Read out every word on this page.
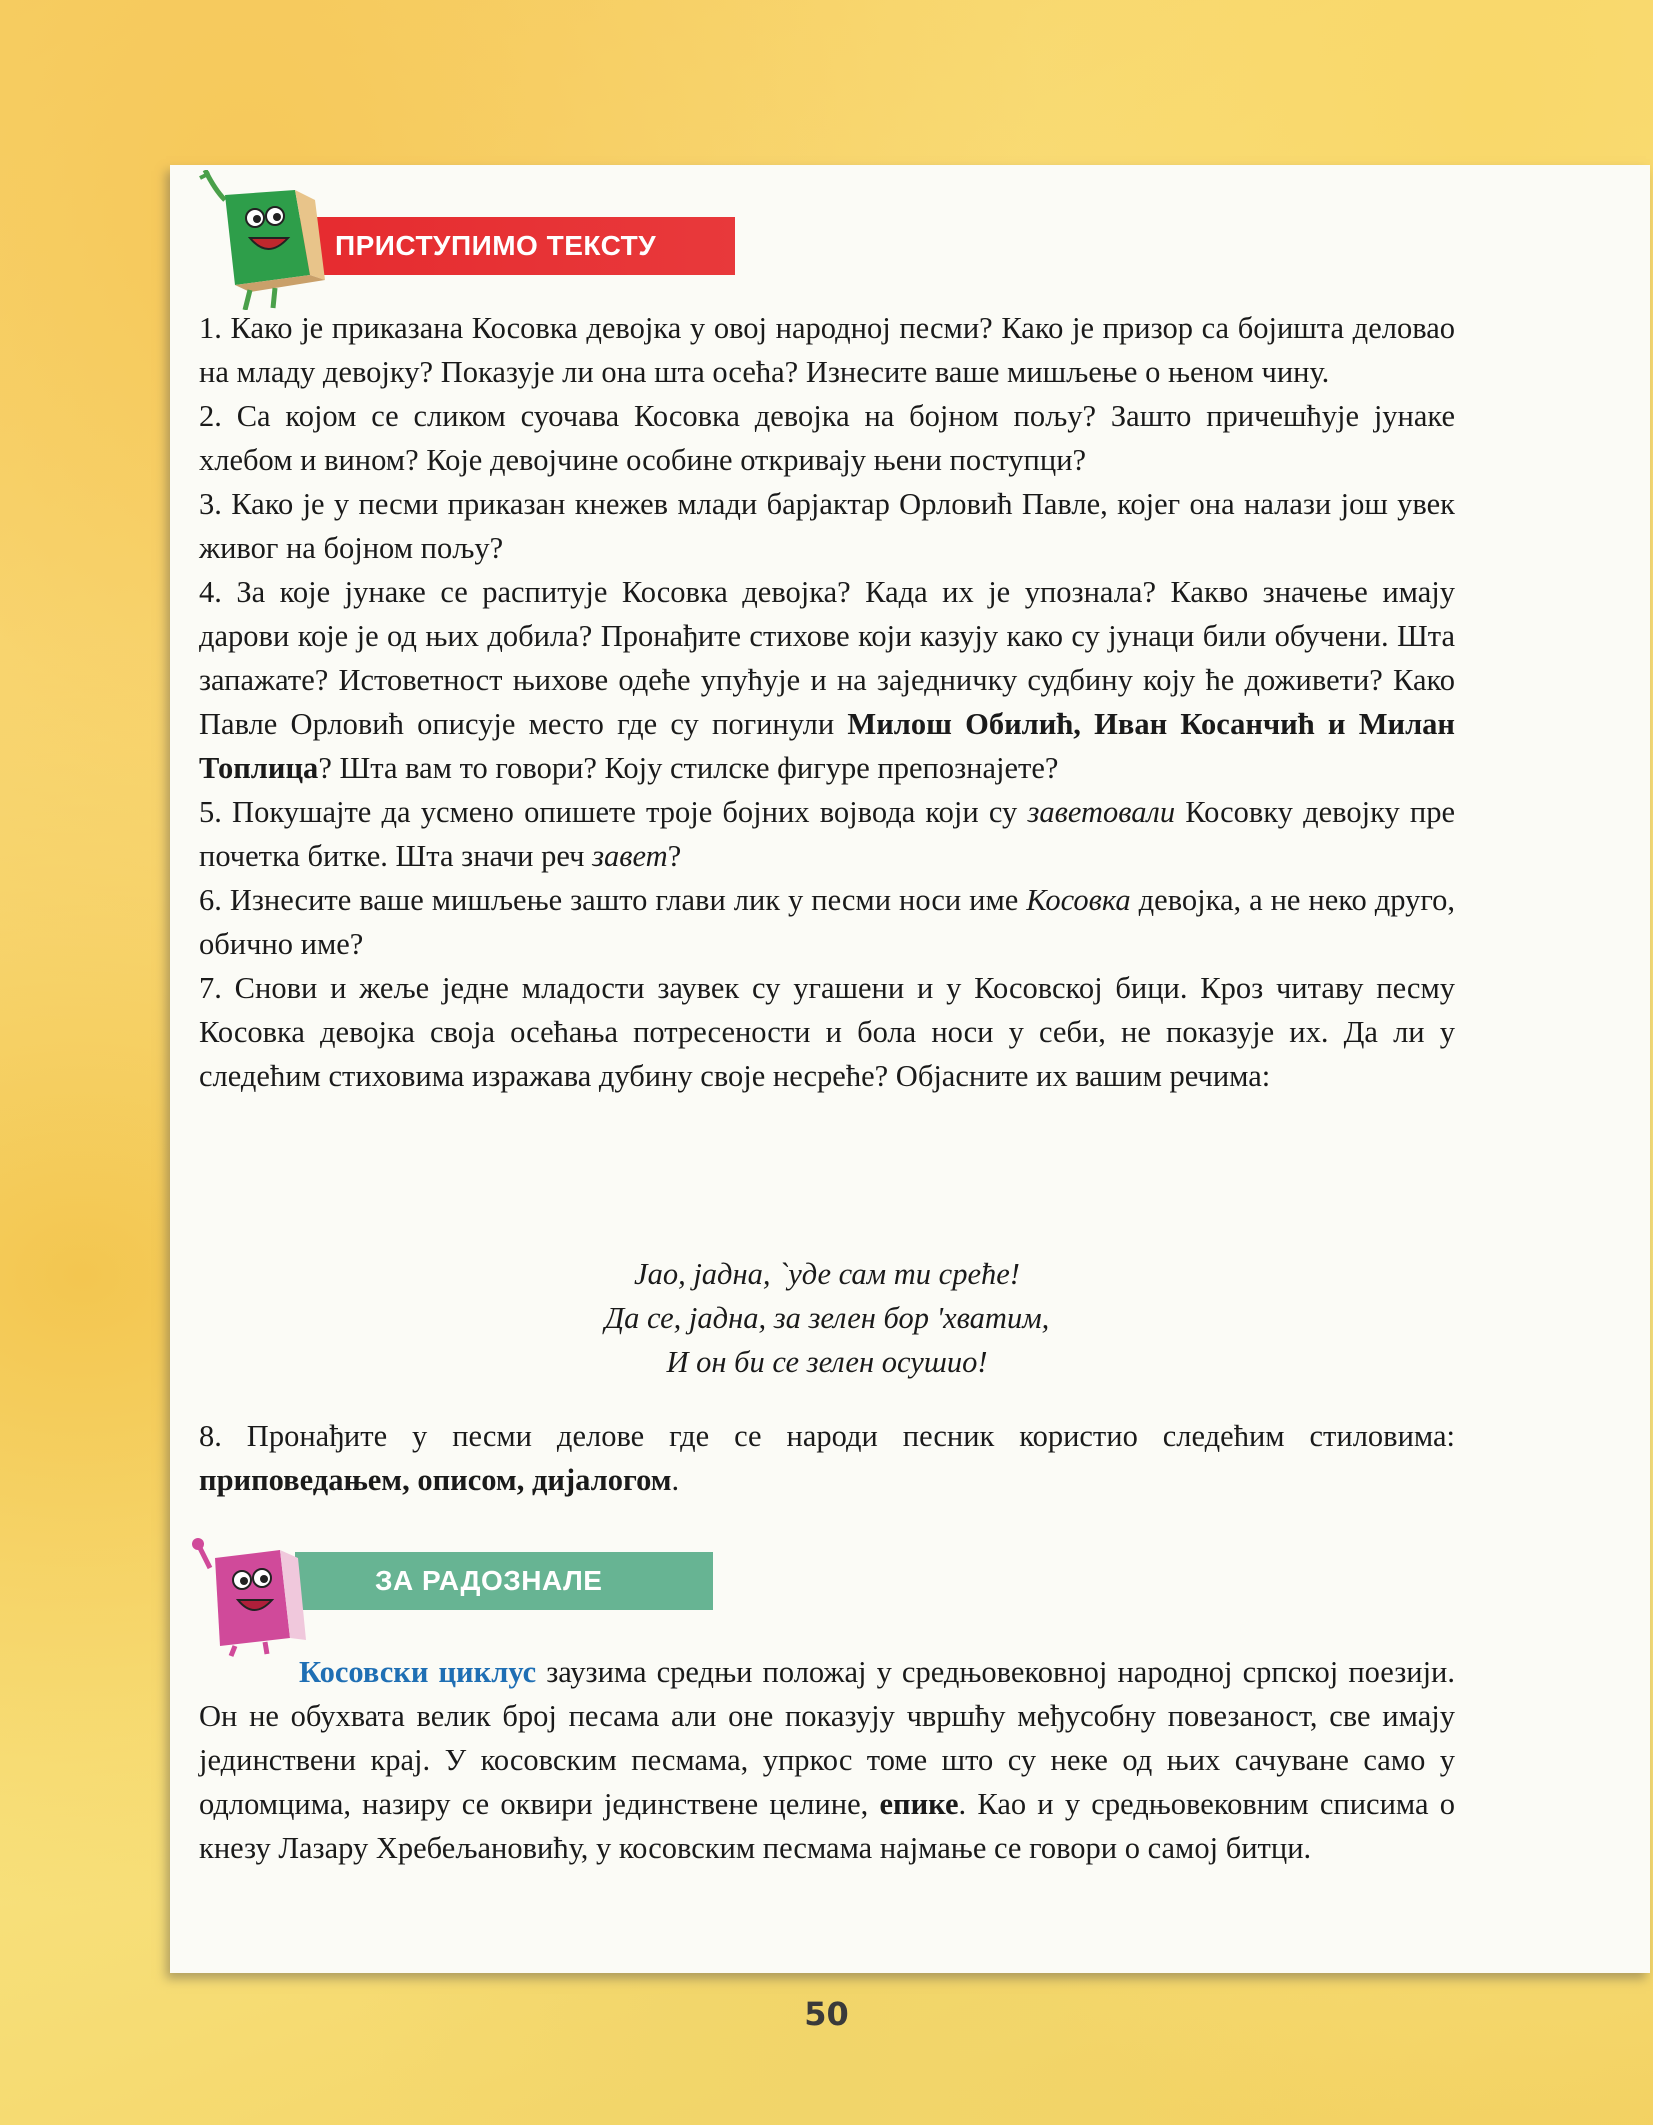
ПРИСТУПИМО ТЕКСТУ

1. Како је приказана Косовка девојка у овој народној песми? Како је призор са бојишта деловао на младу девојку? Показује ли она шта осећа? Изнесите ваше мишљење о њеном чину.

2. Са којом се сликом суочава Косовка девојка на бојном пољу? Зашто причешћује јунаке хлебом и вином? Које девојчине особине откривају њени поступци?

3. Како је у песми приказан кнежев млади барјактар Орловић Павле, којег она налази још увек живог на бојном пољу?

4. За које јунаке се распитује Косовка девојка? Када их је упознала? Какво значење имају дарови које је од њих добила? Пронађите стихове који казују како су јунаци били обучени. Шта запажате? Истоветност њихове одеће упућује и на заједничку судбину коју ће доживети? Како Павле Орловић описује место где су погинули Милош Обилић, Иван Косанчић и Милан Топлица? Шта вам то говори? Коју стилске фигуре препознајете?

5. Покушајте да усмено опишете троје бојних војвода који су заветовали Косовку девојку пре почетка битке. Шта значи реч завет?

6. Изнесите ваше мишљење зашто глави лик у песми носи име Косовка девојка, а не неко друго, обично име?

7. Снови и жеље једне младости заувек су угашени и у Косовској бици. Кроз читаву песму Косовка девојка своја осећања потресености и бола носи у себи, не показује их. Да ли у следећим стиховима изражава дубину своје несреће? Објасните их вашим речима:

Јао, јадна, `уде сам ти среће!
Да се, јадна, за зелен бор 'хватим,
И он би се зелен осушио!

8. Пронађите у песми делове где се народи песник користио следећим стиловима: приповедањем, описом, дијалогом.

ЗА РАДОЗНАЛЕ

Косовски циклус заузима средњи положај у средњовековној народној српској поезији. Он не обухвата велик број песама али оне показују чвршћу међусобну повезаност, све имају јединствени крај. У косовским песмама, упркос томе што су неке од њих сачуване само у одломцима, назиру се оквири јединствене целине, епике. Као и у средњовековним списима о кнезу Лазару Хребељановићу, у косовским песмама најмање се говори о самој битци.

50
